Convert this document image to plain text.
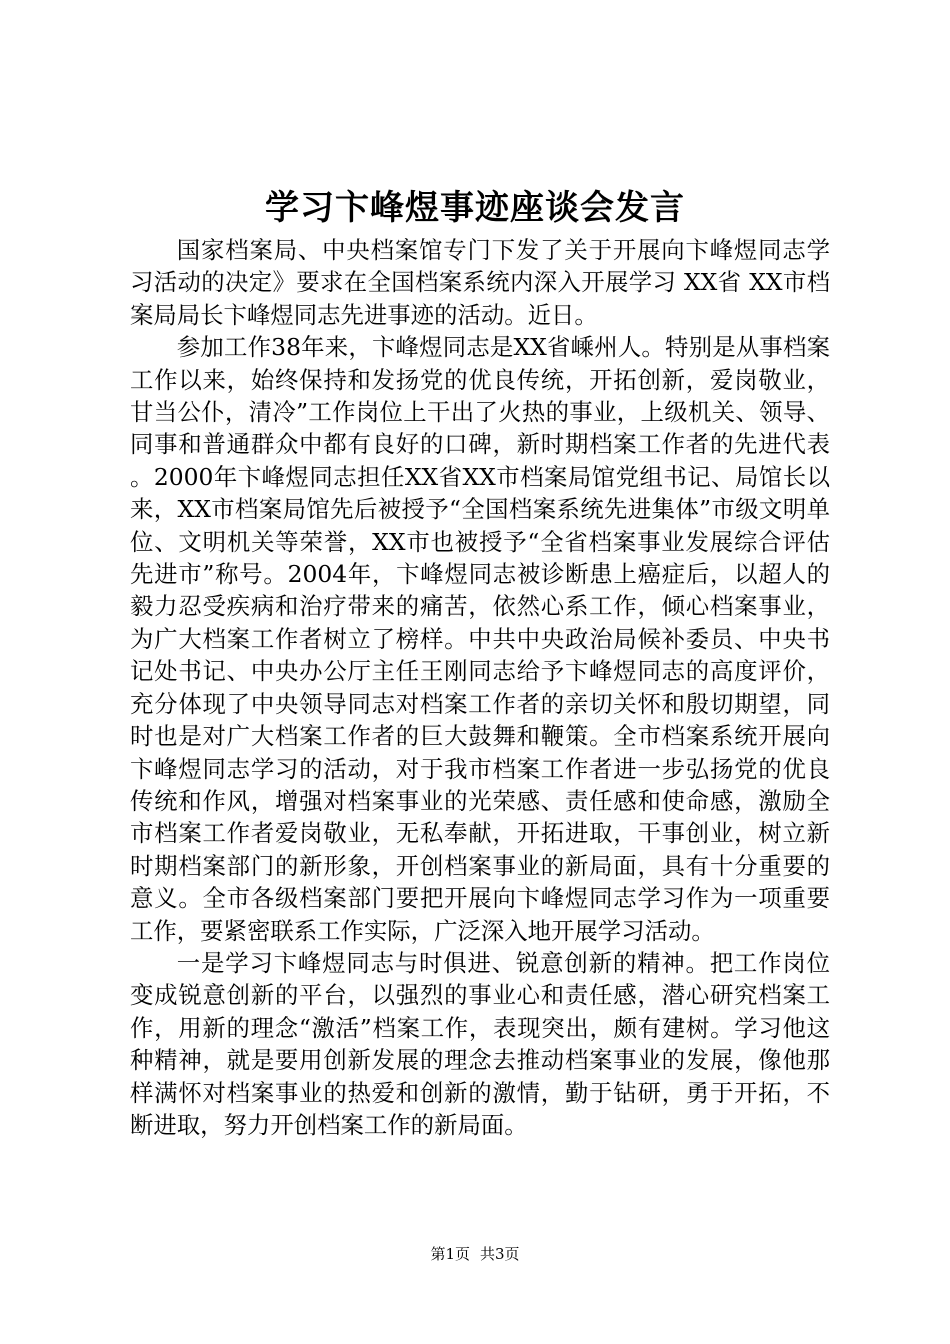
学习卞峰煜事迹座谈会发言

国家档案局、中央档案馆专门下发了关于开展向卞峰煜同志学习活动的决定》要求在全国档案系统内深入开展学习 XX省 XX市档案局局长卞峰煜同志先进事迹的活动。近日。

参加工作38年来，卞峰煜同志是XX省嵊州人。特别是从事档案工作以来，始终保持和发扬党的优良传统，开拓创新，爱岗敬业，甘当公仆，清冷”工作岗位上干出了火热的事业，上级机关、领导、同事和普通群众中都有良好的口碑，新时期档案工作者的先进代表。2000年卞峰煜同志担任XX省XX市档案局馆党组书记、局馆长以来，XX市档案局馆先后被授予“全国档案系统先进集体”市级文明单位、文明机关等荣誉，XX市也被授予“全省档案事业发展综合评估先进市”称号。2004年，卞峰煜同志被诊断患上癌症后，以超人的毅力忍受疾病和治疗带来的痛苦，依然心系工作，倾心档案事业，为广大档案工作者树立了榜样。中共中央政治局候补委员、中央书记处书记、中央办公厅主任王刚同志给予卞峰煜同志的高度评价，充分体现了中央领导同志对档案工作者的亲切关怀和殷切期望，同时也是对广大档案工作者的巨大鼓舞和鞭策。全市档案系统开展向卞峰煜同志学习的活动，对于我市档案工作者进一步弘扬党的优良传统和作风，增强对档案事业的光荣感、责任感和使命感，激励全市档案工作者爱岗敬业，无私奉献，开拓进取，干事创业，树立新时期档案部门的新形象，开创档案事业的新局面，具有十分重要的意义。全市各级档案部门要把开展向卞峰煜同志学习作为一项重要工作，要紧密联系工作实际，广泛深入地开展学习活动。

一是学习卞峰煜同志与时俱进、锐意创新的精神。把工作岗位变成锐意创新的平台，以强烈的事业心和责任感，潜心研究档案工作，用新的理念“激活”档案工作，表现突出，颇有建树。学习他这种精神，就是要用创新发展的理念去推动档案事业的发展，像他那样满怀对档案事业的热爱和创新的激情，勤于钻研，勇于开拓，不断进取，努力开创档案工作的新局面。

第1页 共3页
